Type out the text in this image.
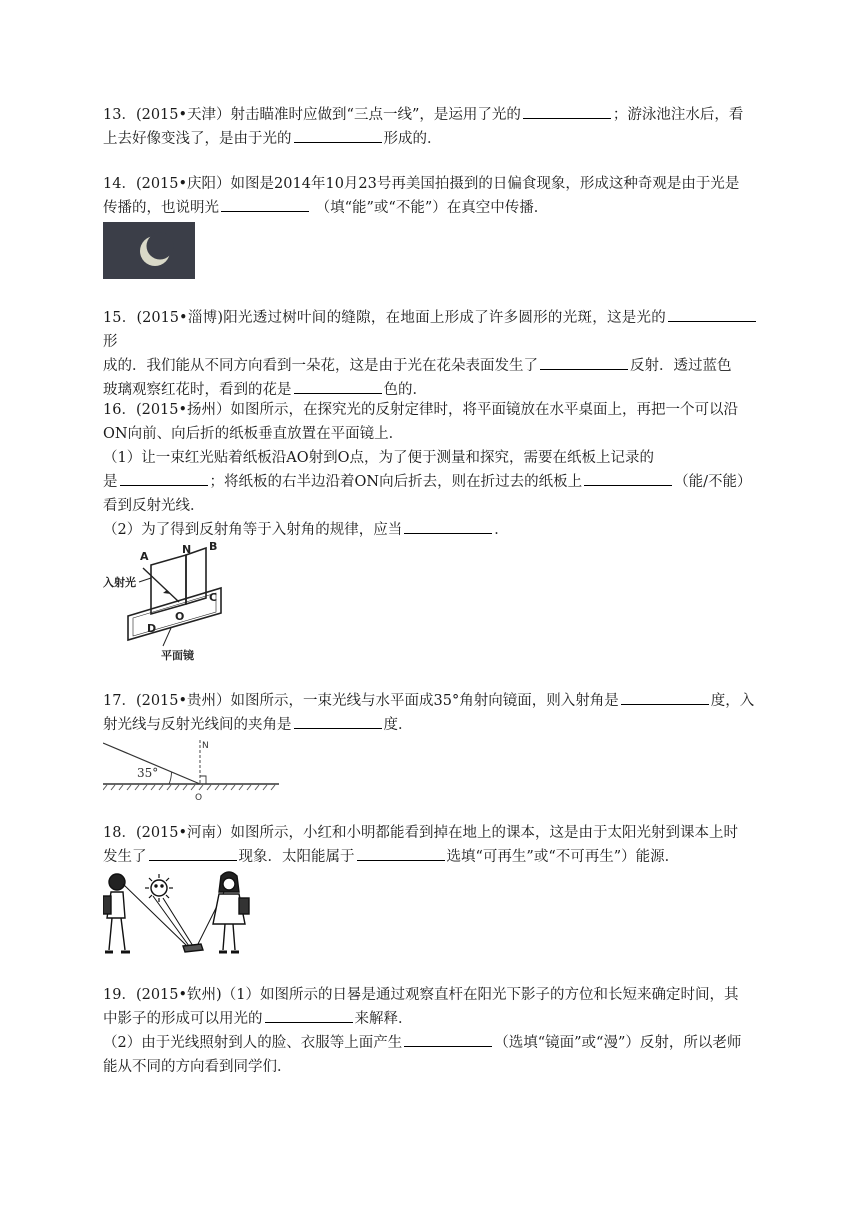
13．(2015•天津）射击瞄准时应做到“三点一线”，是运用了光的	；游泳池注水后，看

上去好像变浅了，是由于光的	形成的．

14．(2015•庆阳）如图是2014年10月23号再美国拍摄到的日偏食现象，形成这种奇观是由于光是

传播的，也说明光	（填“能”或“不能”）在真空中传播．

15．(2015•淄博)阳光透过树叶间的缝隙，在地面上形成了许多圆形的光斑，这是光的形

成的．我们能从不同方向看到一朵花，这是由于光在花朵表面发生了	反射．透过蓝色

玻璃观察红花时，看到的花是	色的．

16．(2015•扬州）如图所示，在探究光的反射定律时，将平面镜放在水平桌面上，再把一个可以沿

ON向前、向后折的纸板垂直放置在平面镜上．

（1）让一束红光贴着纸板沿AO射到O点，为了便于测量和探究，需要在纸板上记录的

是	；将纸板的右半边沿着ON向后折去，则在折过去的纸板上	（能/不能）

看到反射光线．

（2）为了得到反射角等于入射角的规律，应当	．

A
N B
入射光
C
O
D
平面镜

17．(2015•贵州）如图所示，一束光线与水平面成35°角射向镜面，则入射角是	度，入

射光线与反射光线间的夹角是	度．

N
35°
O

18．(2015•河南）如图所示，小红和小明都能看到掉在地上的课本，这是由于太阳光射到课本上时

发生了	现象．太阳能属于	选填“可再生”或“不可再生”）能源．

19．(2015•钦州)（1）如图所示的日晷是通过观察直杆在阳光下影子的方位和长短来确定时间，其

中影子的形成可以用光的	来解释．

（2）由于光线照射到人的脸、衣服等上面产生	（选填“镜面”或“漫”）反射，所以老师

能从不同的方向看到同学们．
